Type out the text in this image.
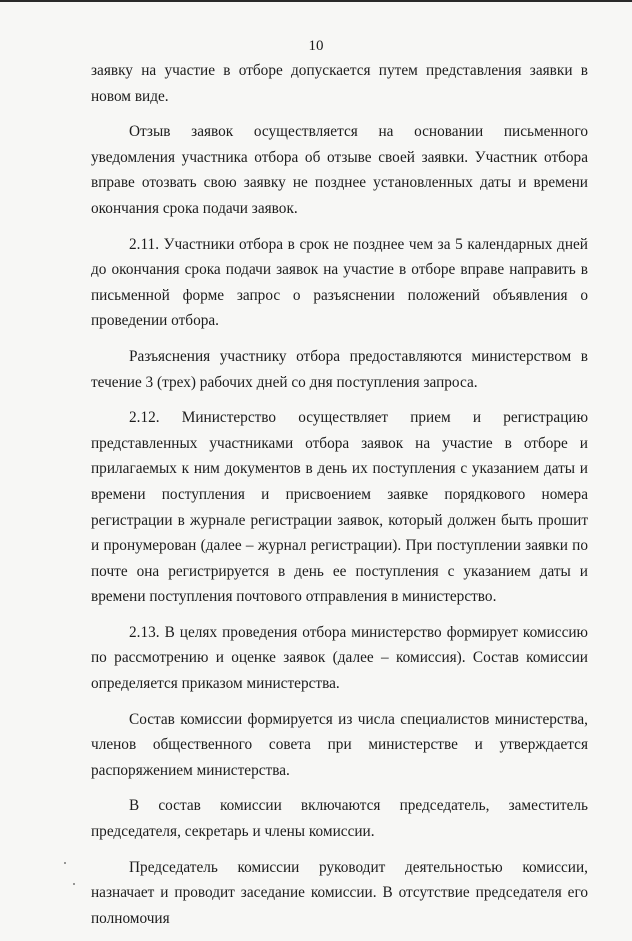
10

заявку на участие в отборе допускается путем представления заявки в новом виде.

Отзыв заявок осуществляется на основании письменного уведомления участника отбора об отзыве своей заявки. Участник отбора вправе отозвать свою заявку не позднее установленных даты и времени окончания срока подачи заявок.

2.11. Участники отбора в срок не позднее чем за 5 календарных дней до окончания срока подачи заявок на участие в отборе вправе направить в письменной форме запрос о разъяснении положений объявления о проведении отбора.

Разъяснения участнику отбора предоставляются министерством в течение 3 (трех) рабочих дней со дня поступления запроса.

2.12. Министерство осуществляет прием и регистрацию представленных участниками отбора заявок на участие в отборе и прилагаемых к ним документов в день их поступления с указанием даты и времени поступления и присвоением заявке порядкового номера регистрации в журнале регистрации заявок, который должен быть прошит и пронумерован (далее – журнал регистрации). При поступлении заявки по почте она регистрируется в день ее поступления с указанием даты и времени поступления почтового отправления в министерство.

2.13. В целях проведения отбора министерство формирует комиссию по рассмотрению и оценке заявок (далее – комиссия). Состав комиссии определяется приказом министерства.

Состав комиссии формируется из числа специалистов министерства, членов общественного совета при министерстве и утверждается распоряжением министерства.

В состав комиссии включаются председатель, заместитель председателя, секретарь и члены комиссии.

Председатель комиссии руководит деятельностью комиссии, назначает и проводит заседание комиссии. В отсутствие председателя его полномочия
